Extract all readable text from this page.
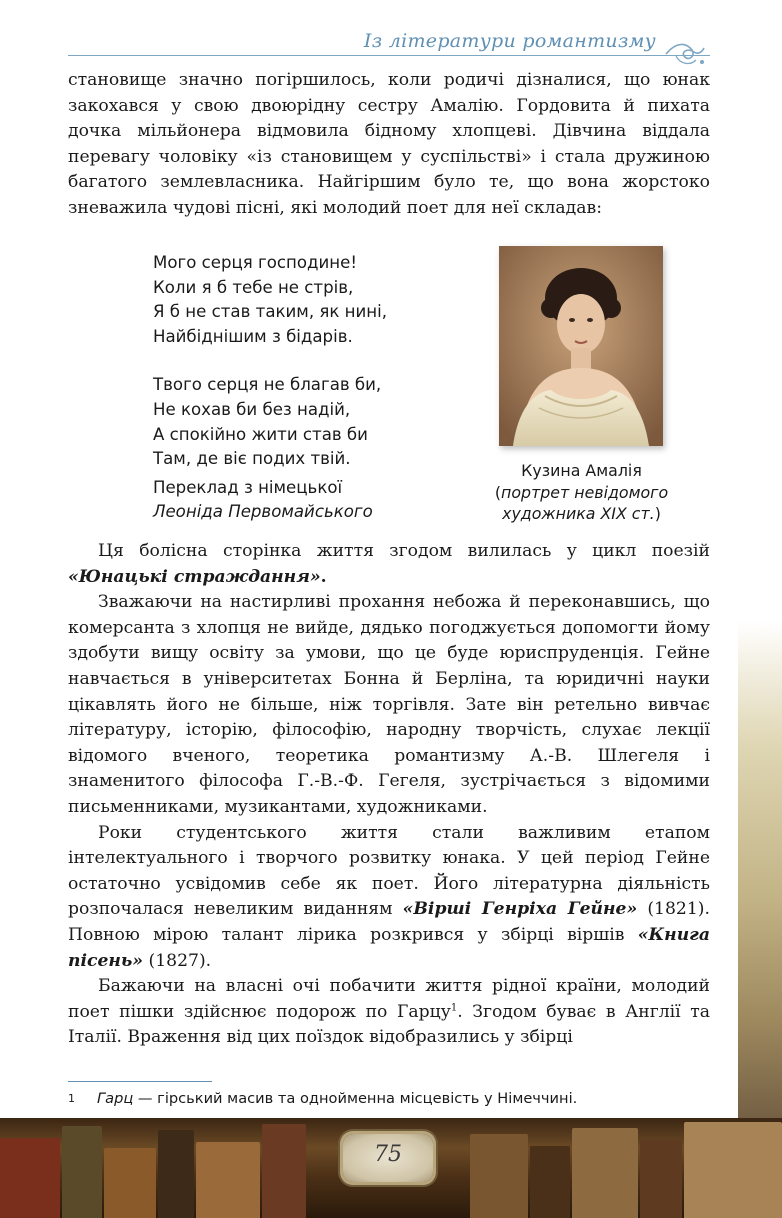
Із літератури романтизму

становище значно погіршилось, коли родичі дізналися, що юнак закохався у свою двоюрідну сестру Амалію. Гордовита й пихата дочка мільйонера відмовила бідному хлопцеві. Дівчина віддала перевагу чоловіку «із становищем у суспільстві» і стала дружиною багатого землевласника. Найгіршим було те, що вона жорстоко зневажила чудові пісні, які молодий поет для неї складав:

Мого серця господине!
Коли я б тебе не стрів,
Я б не став таким, як нині,
Найбіднішим з бідарів.
Твого серця не благав би,
Не кохав би без надій,
А спокійно жити став би
Там, де віє подих твій.
Переклад з німецької
Леоніда Первомайського
Кузина Амалія
(портрет невідомого художника XIX ст.)

Ця болісна сторінка життя згодом вилилась у цикл поезій «Юнацькі страждання».

Зважаючи на настирливі прохання небожа й переконавшись, що комерсанта з хлопця не вийде, дядько погоджується допомогти йому здобути вищу освіту за умови, що це буде юриспруденція. Гейне навчається в університетах Бонна й Берліна, та юридичні науки цікавлять його не більше, ніж торгівля. Зате він ретельно вивчає літературу, історію, філософію, народну творчість, слухає лекції відомого вченого, теоретика романтизму А.-В. Шлегеля і знаменитого філософа Г.-В.-Ф. Гегеля, зустрічається з відомими письменниками, музикантами, художниками.

Роки студентського життя стали важливим етапом інтелектуального і творчого розвитку юнака. У цей період Гейне остаточно усвідомив себе як поет. Його літературна діяльність розпочалася невеликим виданням «Вірші Генріха Гейне» (1821). Повною мірою талант лірика розкрився у збірці віршів «Книга пісень» (1827).

Бажаючи на власні очі побачити життя рідної країни, молодий поет пішки здійснює подорож по Гарцу$^1$. Згодом буває в Англії та Італії. Враження від цих поїздок відобразились у збірці

1 Гарц — гірський масив та однойменна місцевість у Німеччині.
75
